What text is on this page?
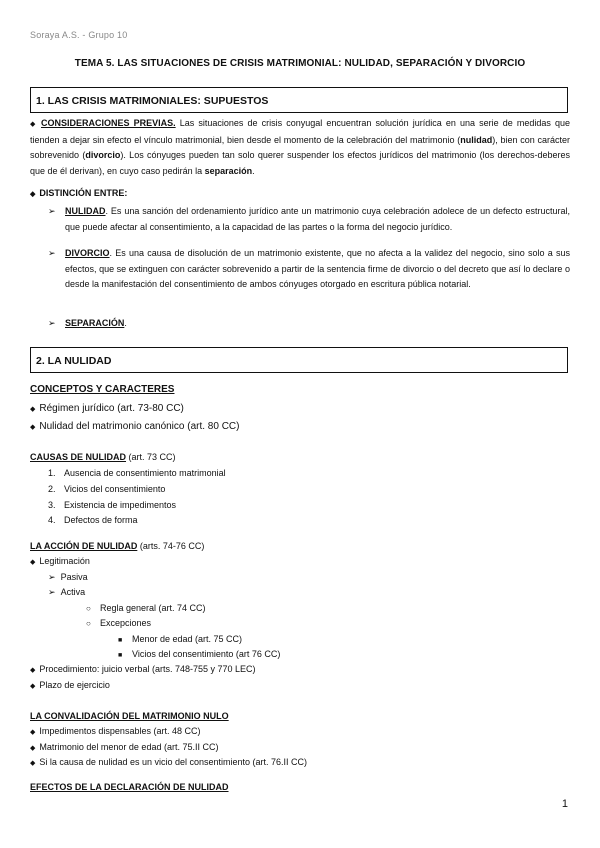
Soraya A.S. - Grupo 10
TEMA 5. LAS SITUACIONES DE CRISIS MATRIMONIAL: NULIDAD, SEPARACIÓN Y DIVORCIO
1. LAS CRISIS MATRIMONIALES: SUPUESTOS
◆ CONSIDERACIONES PREVIAS. Las situaciones de crisis conyugal encuentran solución jurídica en una serie de medidas que tienden a dejar sin efecto el vínculo matrimonial, bien desde el momento de la celebración del matrimonio (nulidad), bien con carácter sobrevenido (divorcio). Los cónyuges pueden tan solo querer suspender los efectos jurídicos del matrimonio (los derechos-deberes que de él derivan), en cuyo caso pedirán la separación.
◆ DISTINCIÓN ENTRE:
➢ NULIDAD. Es una sanción del ordenamiento jurídico ante un matrimonio cuya celebración adolece de un defecto estructural, que puede afectar al consentimiento, a la capacidad de las partes o la forma del negocio jurídico.
➢ DIVORCIO. Es una causa de disolución de un matrimonio existente, que no afecta a la validez del negocio, sino solo a sus efectos, que se extinguen con carácter sobrevenido a partir de la sentencia firme de divorcio o del decreto que así lo declare o desde la manifestación del consentimiento de ambos cónyuges otorgado en escritura pública notarial.
➢ SEPARACIÓN.
2. LA NULIDAD
CONCEPTOS Y CARACTERES
◆ Régimen jurídico (art. 73-80 CC)
◆ Nulidad del matrimonio canónico (art. 80 CC)
CAUSAS DE NULIDAD (art. 73 CC)
1. Ausencia de consentimiento matrimonial
2. Vicios del consentimiento
3. Existencia de impedimentos
4. Defectos de forma
LA ACCIÓN DE NULIDAD (arts. 74-76 CC)
◆ Legitimación
➢ Pasiva
➢ Activa
○ Regla general (art. 74 CC)
○ Excepciones
■ Menor de edad (art. 75 CC)
■ Vicios del consentimiento (art 76 CC)
◆ Procedimiento: juicio verbal (arts. 748-755 y 770 LEC)
◆ Plazo de ejercicio
LA CONVALIDACIÓN DEL MATRIMONIO NULO
◆ Impedimentos dispensables (art. 48 CC)
◆ Matrimonio del menor de edad (art. 75.II CC)
◆ Si la causa de nulidad es un vicio del consentimiento (art. 76.II CC)
EFECTOS DE LA DECLARACIÓN DE NULIDAD
1
